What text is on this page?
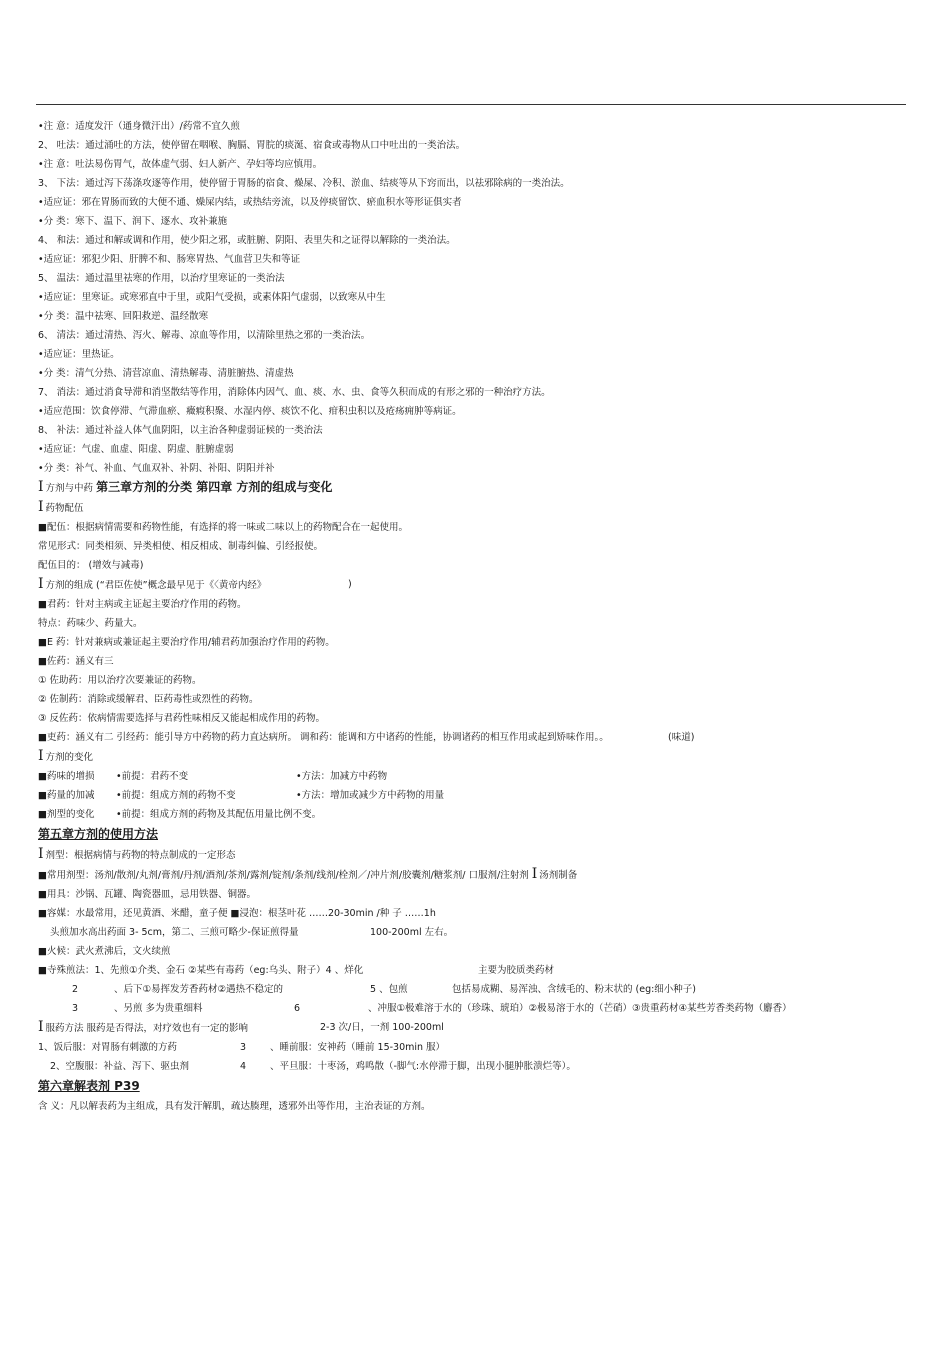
•注 意：适度发汗（通身微汗出）/药常不宜久煎
2、 吐法：通过涌吐的方法，使停留在咽喉、胸膈、胃脘的痰涎、宿食或毒物从口中吐出的一类治法。
•注 意：吐法易伤胃气，故体虚气弱、妇人新产、孕妇等均应慎用。
3、 下法：通过泻下荡涤攻逐等作用，使停留于胃肠的宿食、燥屎、冷积、淤血、结痰等从下窍而出，以祛邪除病的一类治法。
•适应证：邪在胃肠而致的大便不通、燥屎内结，或热结旁流，以及停痰留饮、瘀血积水等形证俱实者
•分 类：寒下、温下、润下、逐水、攻补兼施
4、 和法：通过和解或调和作用，使少阳之邪，或脏腑、阴阳、表里失和之证得以解除的一类治法。
•适应证：邪犯少阳、肝脾不和、肠寒胃热、气血营卫失和等证
5、 温法：通过温里祛寒的作用，以治疗里寒证的一类治法
•适应证：里寒证。或寒邪直中于里，或阳气受损，或素体阳气虚弱，以致寒从中生
•分 类：温中祛寒、回阳救逆、温经散寒
6、 清法：通过清热、泻火、解毒、凉血等作用，以清除里热之邪的一类治法。
•适应证：里热证。
•分 类：清气分热、清营凉血、清热解毒、清脏腑热、清虚热
7、 消法：通过消食导滞和消坚散结等作用，消除体内因气、血、痰、水、虫、食等久积而成的有形之邪的一种治疗方法。
•适应范围：饮食停滞、气滞血瘀、癥瘕积聚、水湿内停、痰饮不化、疳积虫积以及疮疡痈肿等病证。
8、 补法：通过补益人体气血阴阳，以主治各种虚弱证候的一类治法
•适应证：气虚、血虚、阳虚、阴虚、脏腑虚弱
•分 类：补气、补血、气血双补、补阴、补阳、阴阳并补
I 方剂与中药 第三章方剂的分类 第四章 方剂的组成与变化
I 药物配伍
■配伍：根据病情需要和药物性能，有选择的将一味或二味以上的药物配合在一起使用。
常见形式：同类相须、异类相使、相反相成、制毒纠偏、引经报使。
配伍目的： (增效与减毒)
I 方剂的组成 (“君臣佐使”概念最早见于《〈黄帝内经》	)
■君药：针对主病或主证起主要治疗作用的药物。
特点：药味少、药量大。
■E 药：针对兼病或兼证起主要治疗作用/辅君药加强治疗作用的药物。
■佐药：涵义有三
① 佐助药：用以治疗次要兼证的药物。
② 佐制药：消除或缓解君、臣药毒性或烈性的药物。
③ 反佐药：依病情需要选择与君药性味相反又能起相成作用的药物。
■吏药：涵义有二 引经药：能引导方中药物的药力直达病所。 调和药：能调和方中诸药的性能，协调诸药的相互作用或起到矫味作用。。	(味道)
I 方剂的变化
■药味的增损 •前提：君药不变	•方法：加减方中药物
■药量的加减 •前提：组成方剂的药物不变	•方法：增加或减少方中药物的用量
■剂型的变化 •前提：组成方剂的药物及其配伍用量比例不变。
第五章方剂的使用方法
I 剂型：根据病情与药物的特点制成的一定形态
■常用剂型：汤剂/散剂/丸剂/膏剂/丹剂/酒剂/茶剂/露剂/锭剂/条剂/线剂/栓剂／/冲片剂/胶囊剂/糖浆剂/ 口服剂/注射剂 I 汤剂制备
■用具：沙锅、瓦罐、陶瓷器皿，忌用铁器、铜器。
■容媒：水最常用，还见黄酒、米醋，童子便 ■浸泡：根茎叶花 ……20-30min /种 子 ……1h
头煎加水高出药面 3- 5cm，第二、三煎可略少-保证煎得量	100-200ml 左右。
■火候：武火煮沸后，文火续煎
■寺殊煎法：1、先煎①介类、金石 ②某些有毒药（eg:乌头、附子）4 、烊化	主要为胶质类药材
2	、后下①易挥发芳香药材②遇热不稳定的	5 、包煎	包括易成糊、易浑浊、含绒毛的、粉末状的 (eg:细小种子)
3	、另煎 多为贵重细料	6	、冲服①极难溶于水的（珍珠、琥珀）②极易溶于水的（芒硝）③贵重药材④某些芳香类药物（麝香）
I 服药方法 服药是否得法，对疗效也有一定的影响	2-3 次/日，一剂 100-200ml
1、饭后服：对胃肠有刺激的方药	3	、睡前服：安神药（睡前 15-30min 服）
2、空腹服：补益、泻下、驱虫剂	4	、平旦服：十枣汤，鸡鸣散（-脚气:水停滞于脚，出现小腿肿胀溃烂等）。
第六章解表剂 P39
含 义：凡以解表药为主组成，具有发汗解肌，疏达腠理，透邪外出等作用，主治表证的方剂。
